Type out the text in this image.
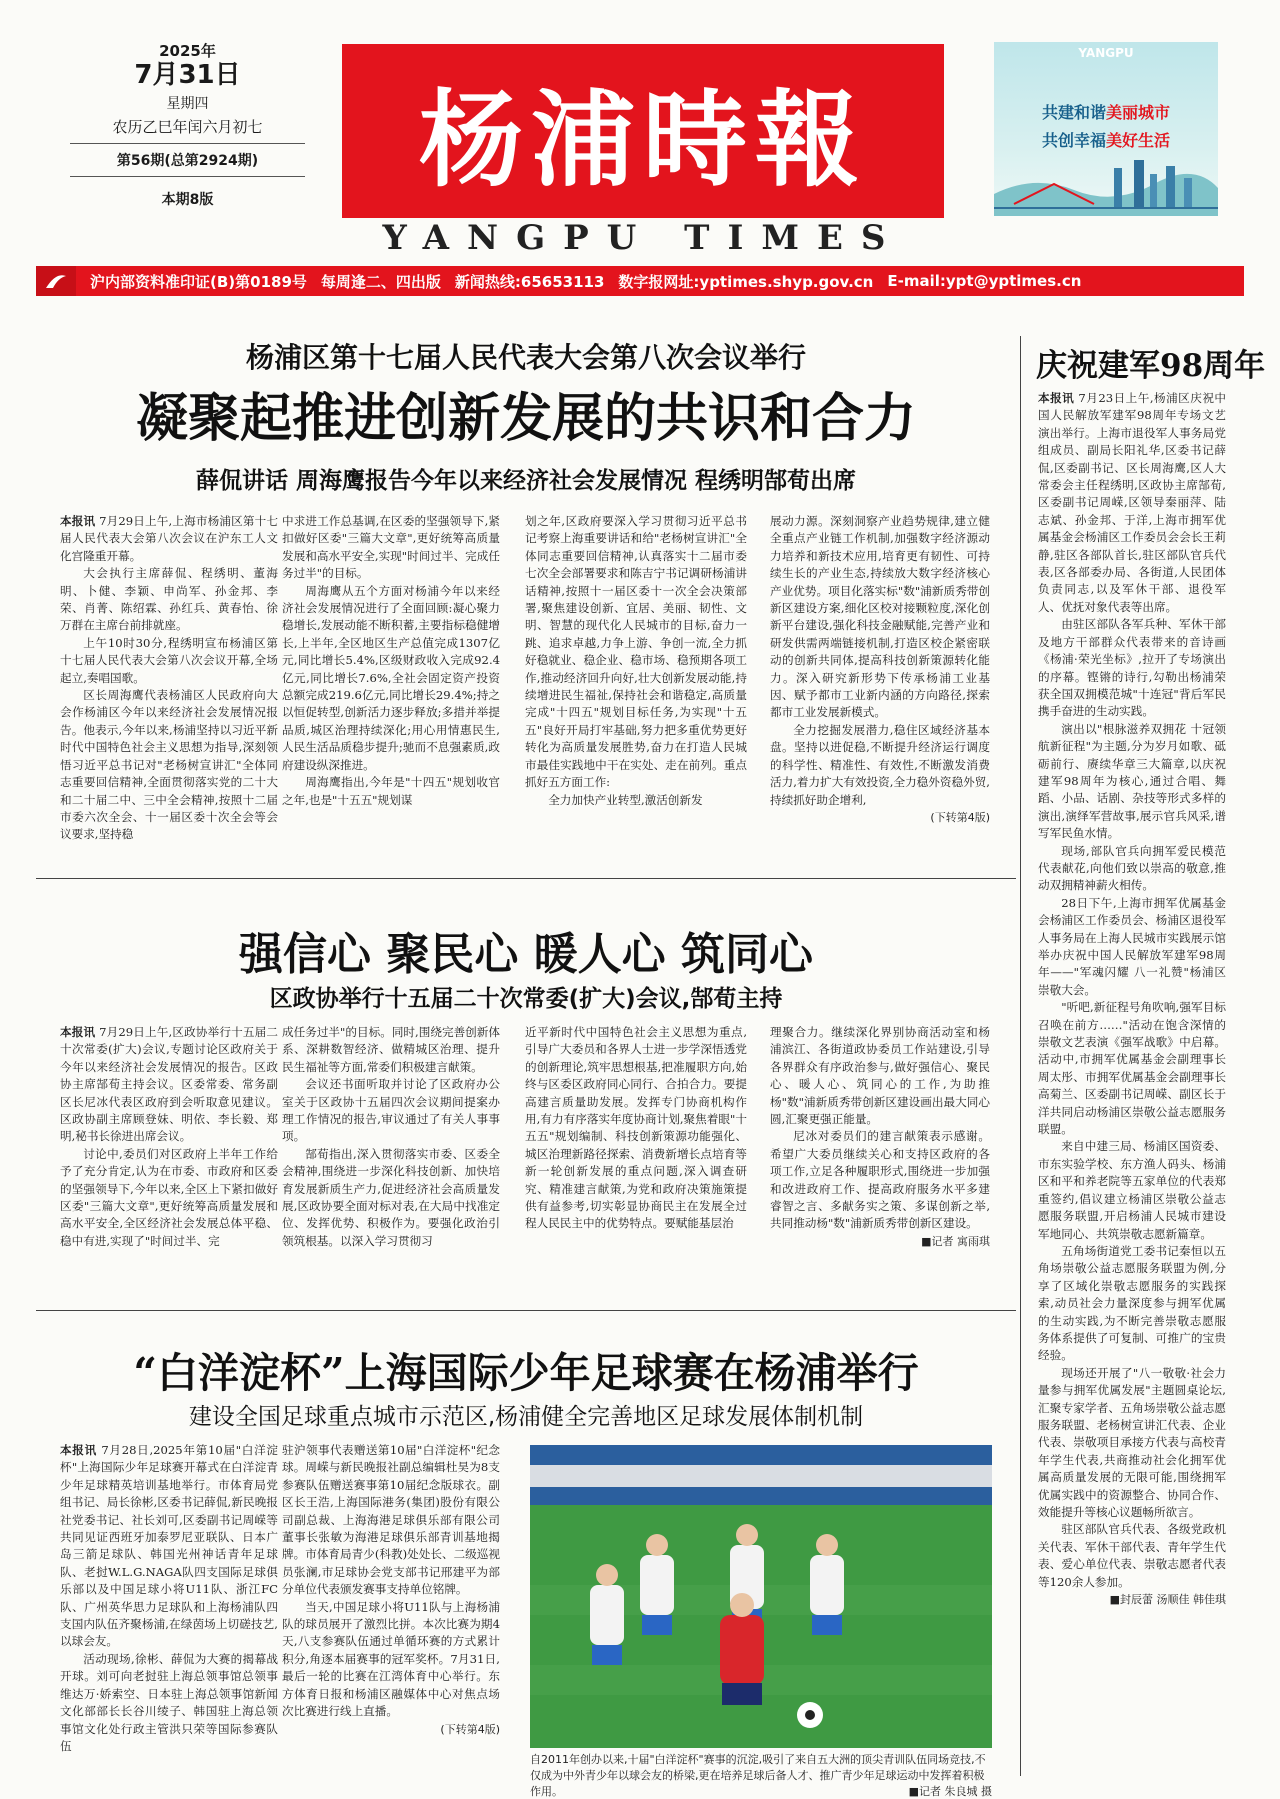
2025年
7月31日
星期四
农历乙巳年闰六月初七
第56期(总第2924期)
本期8版	杨浦時報
YANGPU TIMES
YANGPU
共建和谐美丽城市
共创幸福美好生活
沪内部资料准印证(B)第0189号 每周逢二、四出版 新闻热线:65653113 数字报网址:yptimes.shyp.gov.cn E-mail:ypt@yptimes.cn
杨浦区第十七届人民代表大会第八次会议举行
凝聚起推进创新发展的共识和合力
薛侃讲话 周海鹰报告今年以来经济社会发展情况 程绣明郜荀出席

本报讯 7月29日上午,上海市杨浦区第十七届人民代表大会第八次会议在沪东工人文化宫隆重开幕。

大会执行主席薛侃、程绣明、董海明、卜健、李颖、申尚军、孙金邦、李荣、肖菁、陈绍霖、孙红兵、黄春怡、徐万群在主席台前排就座。

上午10时30分,程绣明宣布杨浦区第十七届人民代表大会第八次会议开幕,全场起立,奏唱国歌。

区长周海鹰代表杨浦区人民政府向大会作杨浦区今年以来经济社会发展情况报告。他表示,今年以来,杨浦坚持以习近平新时代中国特色社会主义思想为指导,深刻领悟习近平总书记对"老杨树宣讲汇"全体同志重要回信精神,全面贯彻落实党的二十大和二十届二中、三中全会精神,按照十二届市委六次全会、十一届区委十次全会等会议要求,坚持稳

中求进工作总基调,在区委的坚强领导下,紧扣做好区委"三篇大文章",更好统筹高质量发展和高水平安全,实现"时间过半、完成任务过半"的目标。

周海鹰从五个方面对杨浦今年以来经济社会发展情况进行了全面回顾:凝心聚力稳增长,发展动能不断积蓄,主要指标稳健增长,上半年,全区地区生产总值完成1307亿元,同比增长5.4%,区级财政收入完成92.4亿元,同比增长7.6%,全社会固定资产投资总额完成219.6亿元,同比增长29.4%;持之以恒促转型,创新活力逐步释放;多措并举提品质,城区治理持续深化;用心用情惠民生,人民生活品质稳步提升;驰而不息强素质,政府建设纵深推进。

周海鹰指出,今年是"十四五"规划收官之年,也是"十五五"规划谋

划之年,区政府要深入学习贯彻习近平总书记考察上海重要讲话和给"老杨树宣讲汇"全体同志重要回信精神,认真落实十二届市委七次全会部署要求和陈吉宁书记调研杨浦讲话精神,按照十一届区委十一次全会决策部署,聚焦建设创新、宜居、美丽、韧性、文明、智慧的现代化人民城市的目标,奋力一跳、追求卓越,力争上游、争创一流,全力抓好稳就业、稳企业、稳市场、稳预期各项工作,推动经济回升向好,壮大创新发展动能,持续增进民生福祉,保持社会和谐稳定,高质量完成"十四五"规划目标任务,为实现"十五五"良好开局打牢基础,努力把多重优势更好转化为高质量发展胜势,奋力在打造人民城市最佳实践地中干在实处、走在前列。重点抓好五方面工作:

全力加快产业转型,激活创新发

展动力源。深刻洞察产业趋势规律,建立健全重点产业链工作机制,加强数字经济源动力培养和新技术应用,培育更有韧性、可持续生长的产业生态,持续放大数字经济核心产业优势。项目化落实标"数"浦新质秀带创新区建设方案,细化区校对接颗粒度,深化创新平台建设,强化科技金融赋能,完善产业和研发供需两端链接机制,打造区校企紧密联动的创新共同体,提高科技创新策源转化能力。深入研究新形势下传承杨浦工业基因、赋予都市工业新内涵的方向路径,探索都市工业发展新模式。

全力挖掘发展潜力,稳住区域经济基本盘。坚持以进促稳,不断提升经济运行调度的科学性、精准性、有效性,不断激发消费活力,着力扩大有效投资,全力稳外资稳外贸,持续抓好助企增利,

(下转第4版)
强信心 聚民心 暖人心 筑同心
区政协举行十五届二十次常委(扩大)会议,郜荀主持

本报讯 7月29日上午,区政协举行十五届二十次常委(扩大)会议,专题讨论区政府关于今年以来经济社会发展情况的报告。区政协主席郜荀主持会议。区委常委、常务副区长尼冰代表区政府到会听取意见建议。区政协副主席顾登妹、明依、李长毅、郑明,秘书长徐进出席会议。

讨论中,委员们对区政府上半年工作给予了充分肯定,认为在市委、市政府和区委的坚强领导下,今年以来,全区上下紧扣做好区委"三篇大文章",更好统筹高质量发展和高水平安全,全区经济社会发展总体平稳、稳中有进,实现了"时间过半、完

成任务过半"的目标。同时,围绕完善创新体系、深耕数智经济、做精城区治理、提升民生福祉等方面,常委们积极建言献策。

会议还书面听取并讨论了区政府办公室关于区政协十五届四次会议期间提案办理工作情况的报告,审议通过了有关人事事项。

郜荀指出,深入贯彻落实市委、区委全会精神,围绕进一步深化科技创新、加快培育发展新质生产力,促进经济社会高质量发展,区政协要全面对标对表,在大局中找准定位、发挥优势、积极作为。要强化政治引领筑根基。以深入学习贯彻习

近平新时代中国特色社会主义思想为重点,引导广大委员和各界人士进一步学深悟透党的创新理论,筑牢思想根基,把准履职方向,始终与区委区政府同心同行、合拍合力。要提高建言质量助发展。发挥专门协商机构作用,有力有序落实年度协商计划,聚焦着眼"十五五"规划编制、科技创新策源功能强化、城区治理新路径探索、消费新增长点培育等新一轮创新发展的重点问题,深入调查研究、精准建言献策,为党和政府决策施策提供有益参考,切实彰显协商民主在发展全过程人民民主中的优势特点。要赋能基层治

理聚合力。继续深化界别协商活动室和杨浦滨江、各街道政协委员工作站建设,引导各界群众有序政治参与,做好强信心、聚民心、暖人心、筑同心的工作,为助推杨"数"浦新质秀带创新区建设画出最大同心圆,汇聚更强正能量。

尼冰对委员们的建言献策表示感谢。希望广大委员继续关心和支持区政府的各项工作,立足各种履职形式,围绕进一步加强和改进政府工作、提高政府服务水平多建睿智之言、多献务实之策、多谋创新之举,共同推动杨"数"浦新质秀带创新区建设。

■记者 寓雨琪
“白洋淀杯”上海国际少年足球赛在杨浦举行
建设全国足球重点城市示范区,杨浦健全完善地区足球发展体制机制

本报讯 7月28日,2025年第10届"白洋淀杯"上海国际少年足球赛开幕式在白洋淀青少年足球精英培训基地举行。市体育局党组书记、局长徐彬,区委书记薛侃,新民晚报社党委书记、社长刘可,区委副书记周嵘等共同见证西班牙加泰罗尼亚联队、日本广岛三箭足球队、韩国光州神话青年足球队、老挝W.L.G.NAGA队四支国际足球俱乐部以及中国足球小将U11队、浙江FC队、广州英华思力足球队和上海杨浦队四支国内队伍齐聚杨浦,在绿茵场上切磋技艺,以球会友。

活动现场,徐彬、薛侃为大赛的揭幕战开球。刘可向老挝驻上海总领事馆总领事维达万·娇索空、日本驻上海总领事馆新闻文化部部长长谷川绫子、韩国驻上海总领事馆文化处行政主管洪只荣等国际参赛队伍

驻沪领事代表赠送第10届"白洋淀杯"纪念球。周嵘与新民晚报社副总编辑杜昊为8支参赛队伍赠送赛事第10届纪念版球衣。副区长王浩,上海国际港务(集团)股份有限公司副总裁、上海海港足球俱乐部有限公司董事长张敏为海港足球俱乐部青训基地揭牌。市体育局青少(科教)处处长、二级巡视员张澜,市足球协会党支部书记邢建平为部分单位代表颁发赛事支持单位铭牌。

当天,中国足球小将U11队与上海杨浦队的球员展开了激烈比拼。本次比赛为期4天,八支参赛队伍通过单循环赛的方式累计积分,角逐本届赛事的冠军奖杯。7月31日,最后一轮的比赛在江湾体育中心举行。东方体育日报和杨浦区融媒体中心对焦点场次比赛进行线上直播。

(下转第4版)
自2011年创办以来,十届"白洋淀杯"赛事的沉淀,吸引了来自五大洲的顶尖青训队伍同场竞技,不仅成为中外青少年以球会友的桥梁,更在培养足球后备人才、推广青少年足球运动中发挥着积极作用。	■记者 朱良城 摄
庆祝建军98周年

本报讯 7月23日上午,杨浦区庆祝中国人民解放军建军98周年专场文艺演出举行。上海市退役军人事务局党组成员、副局长阳礼华,区委书记薛侃,区委副书记、区长周海鹰,区人大常委会主任程绣明,区政协主席郜荀,区委副书记周嵘,区领导秦丽萍、陆志斌、孙金邦、于洋,上海市拥军优属基金会杨浦区工作委员会会长王莉静,驻区各部队首长,驻区部队官兵代表,区各部委办局、各街道,人民团体负责同志,以及军休干部、退役军人、优抚对象代表等出席。

由驻区部队各军兵种、军休干部及地方干部群众代表带来的音诗画《杨浦·荣光坐标》,拉开了专场演出的序幕。铿锵的诗行,勾勒出杨浦荣获全国双拥模范城"十连冠"背后军民携手奋进的生动实践。

演出以"根脉滋养双拥花 十冠领航新征程"为主题,分为岁月如歌、砥砺前行、赓续华章三大篇章,以庆祝建军98周年为核心,通过合唱、舞蹈、小品、话剧、杂技等形式多样的演出,演绎军营故事,展示官兵风采,谱写军民鱼水情。

现场,部队官兵向拥军爱民模范代表献花,向他们致以崇高的敬意,推动双拥精神薪火相传。

28日下午,上海市拥军优属基金会杨浦区工作委员会、杨浦区退役军人事务局在上海人民城市实践展示馆举办庆祝中国人民解放军建军98周年——"军魂闪耀 八一礼赞"杨浦区崇敬大会。

"听吧,新征程号角吹响,强军目标召唤在前方……"活动在饱含深情的崇敬文艺表演《强军战歌》中启幕。活动中,市拥军优属基金会副理事长周太彤、市拥军优属基金会副理事长高菊兰、区委副书记周嵘、副区长于洋共同启动杨浦区崇敬公益志愿服务联盟。

来自中建三局、杨浦区国资委、市东实验学校、东方渔人码头、杨浦区和平和养老院等五家单位的代表郑重签约,倡议建立杨浦区崇敬公益志愿服务联盟,开启杨浦人民城市建设军地同心、共筑崇敬志愿新篇章。

五角场街道党工委书记秦恒以五角场崇敬公益志愿服务联盟为例,分享了区域化崇敬志愿服务的实践探索,动员社会力量深度参与拥军优属的生动实践,为不断完善崇敬志愿服务体系提供了可复制、可推广的宝贵经验。

现场还开展了"八一敬敬·社会力量参与拥军优属发展"主题圆桌论坛,汇聚专家学者、五角场崇敬公益志愿服务联盟、老杨树宣讲汇代表、企业代表、崇敬项目承接方代表与高校青年学生代表,共商推动社会化拥军优属高质量发展的无限可能,围绕拥军优属实践中的资源整合、协同合作、效能提升等核心议题畅所欲言。

驻区部队官兵代表、各级党政机关代表、军休干部代表、青年学生代表、爱心单位代表、崇敬志愿者代表等120余人参加。

■封辰蕾 汤顺佳 韩佳琪
